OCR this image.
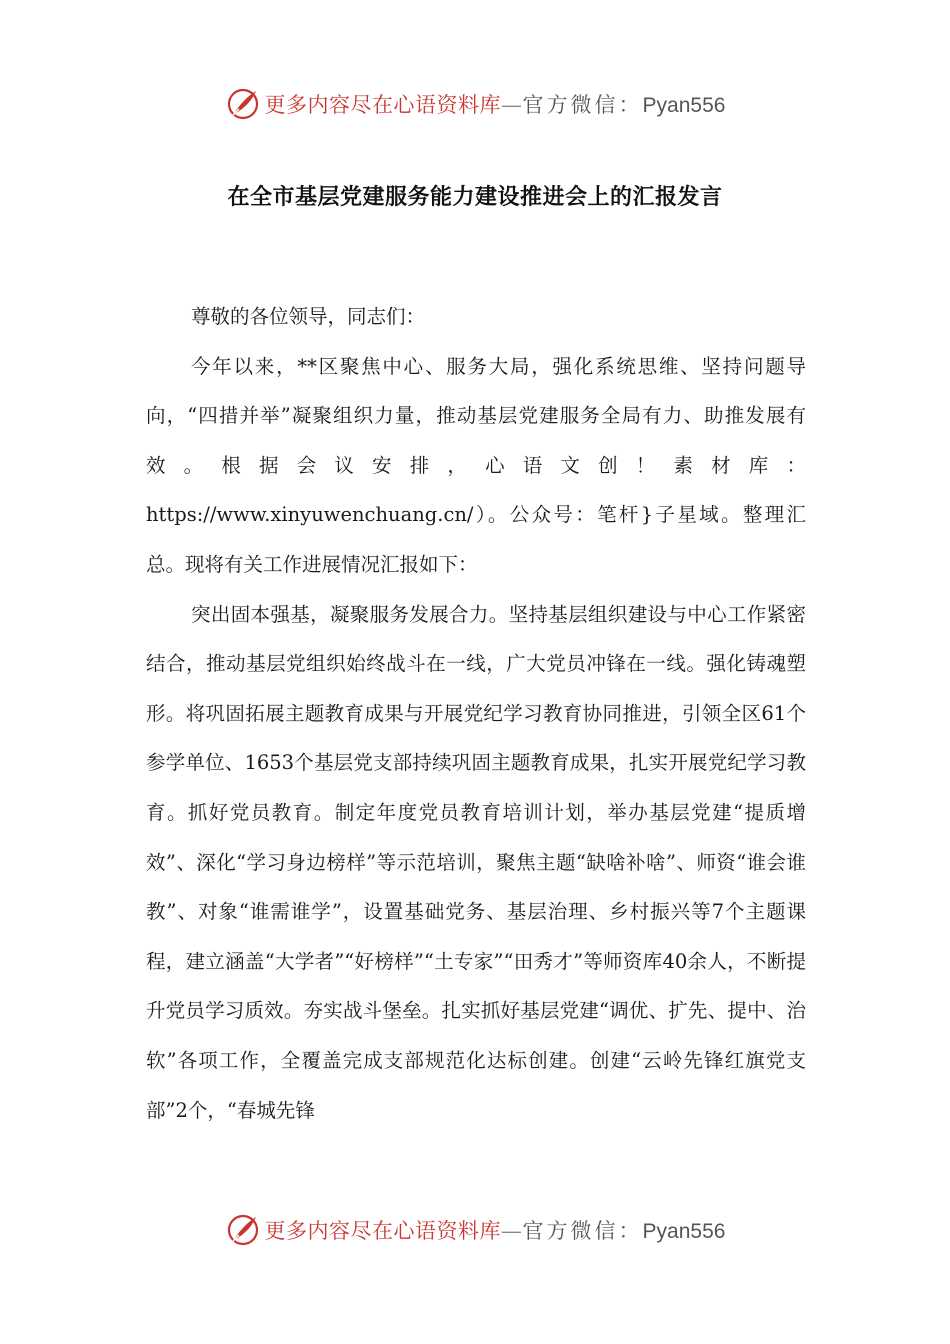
更多内容尽在心语资料库—官方微信：Pyan556
在全市基层党建服务能力建设推进会上的汇报发言

尊敬的各位领导，同志们：

今年以来，**区聚焦中心、服务大局，强化系统思维、坚持问题导向，“四措并举”凝聚组织力量，推动基层党建服务全局有力、助推发展有效。根据会议安排，心语文创！素材库：https://www.xinyuwenchuang.cn/）。公众号：笔杆}子星域。整理汇总。现将有关工作进展情况汇报如下：

突出固本强基，凝聚服务发展合力。坚持基层组织建设与中心工作紧密结合，推动基层党组织始终战斗在一线，广大党员冲锋在一线。强化铸魂塑形。将巩固拓展主题教育成果与开展党纪学习教育协同推进，引领全区61个参学单位、1653个基层党支部持续巩固主题教育成果，扎实开展党纪学习教育。抓好党员教育。制定年度党员教育培训计划，举办基层党建“提质增效”、深化“学习身边榜样”等示范培训，聚焦主题“缺啥补啥”、师资“谁会谁教”、对象“谁需谁学”，设置基础党务、基层治理、乡村振兴等7个主题课程，建立涵盖“大学者”“好榜样”“土专家”“田秀才”等师资库40余人，不断提升党员学习质效。夯实战斗堡垒。扎实抓好基层党建“调优、扩先、提中、治软”各项工作，全覆盖完成支部规范化达标创建。创建“云岭先锋红旗党支部”2个，“春城先锋

更多内容尽在心语资料库—官方微信：Pyan556
